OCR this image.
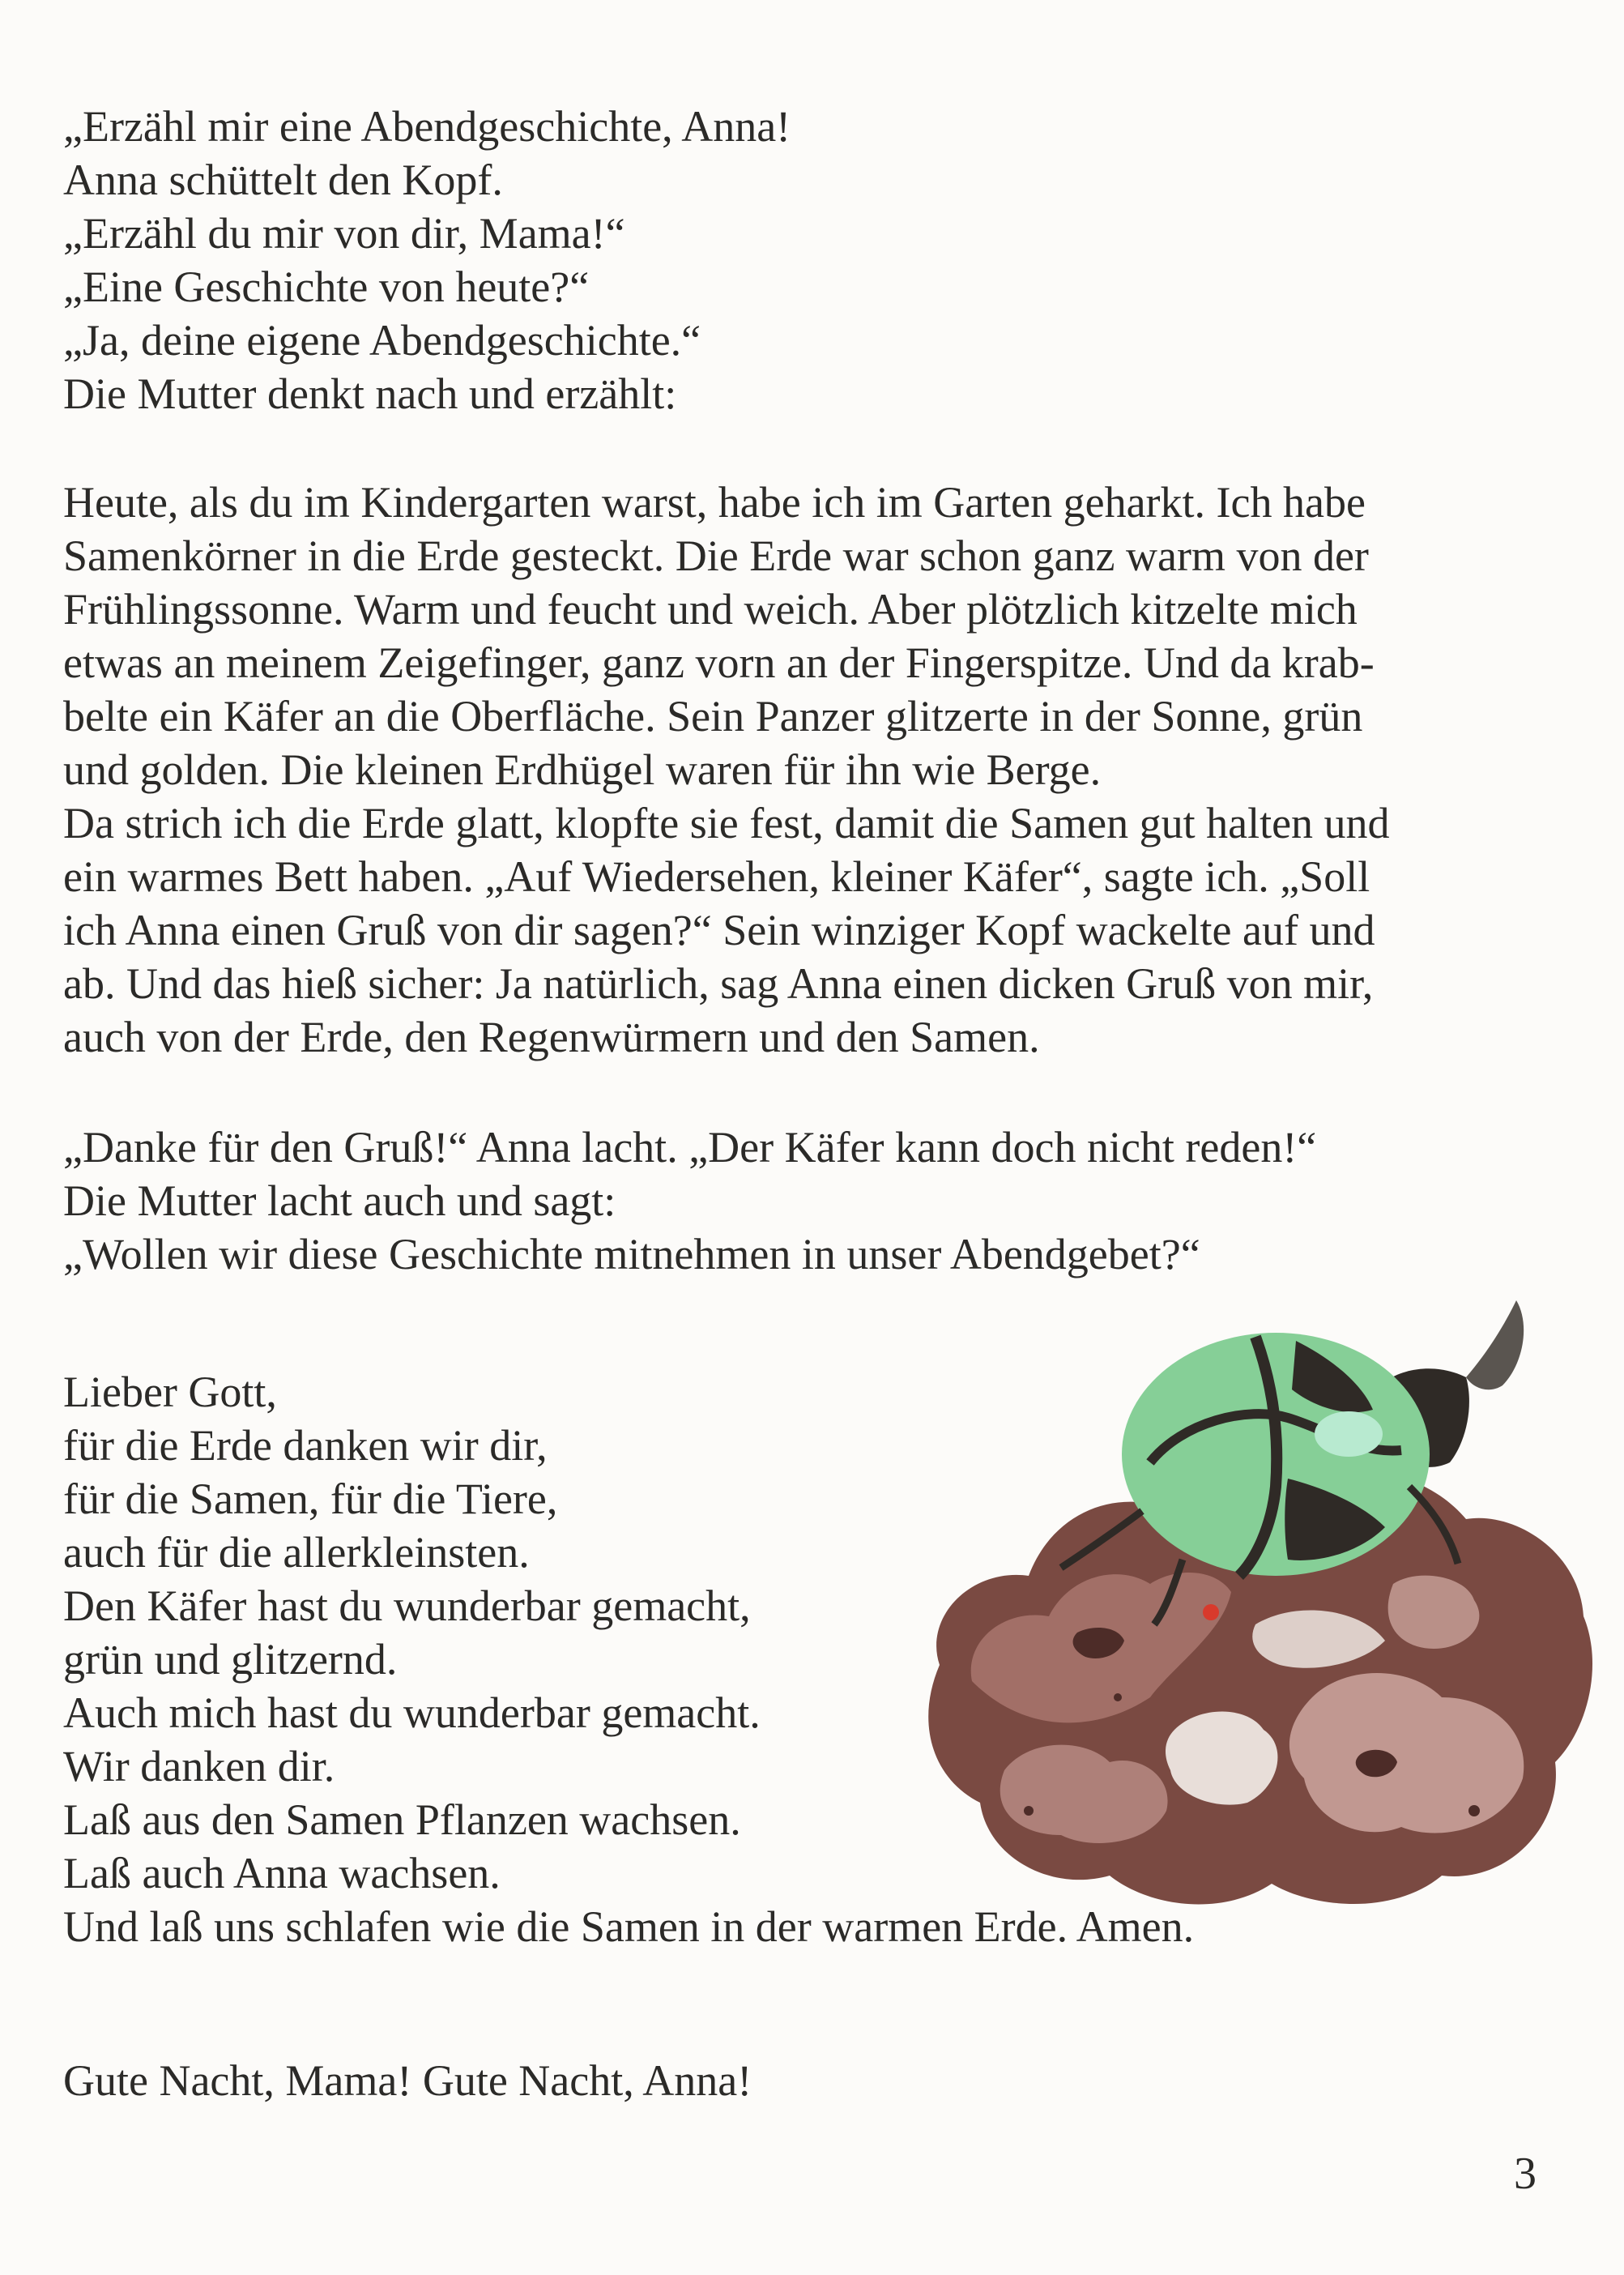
„Erzähl mir eine Abendgeschichte, Anna!
Anna schüttelt den Kopf.
„Erzähl du mir von dir, Mama!“
„Eine Geschichte von heute?“
„Ja, deine eigene Abendgeschichte.“
Die Mutter denkt nach und erzählt:
Heute, als du im Kindergarten warst, habe ich im Garten geharkt. Ich habe
Samenkörner in die Erde gesteckt. Die Erde war schon ganz warm von der
Frühlingssonne. Warm und feucht und weich. Aber plötzlich kitzelte mich
etwas an meinem Zeigefinger, ganz vorn an der Fingerspitze. Und da krab-
belte ein Käfer an die Oberfläche. Sein Panzer glitzerte in der Sonne, grün
und golden. Die kleinen Erdhügel waren für ihn wie Berge.
Da strich ich die Erde glatt, klopfte sie fest, damit die Samen gut halten und
ein warmes Bett haben. „Auf Wiedersehen, kleiner Käfer“, sagte ich. „Soll
ich Anna einen Gruß von dir sagen?“ Sein winziger Kopf wackelte auf und
ab. Und das hieß sicher: Ja natürlich, sag Anna einen dicken Gruß von mir,
auch von der Erde, den Regenwürmern und den Samen.
„Danke für den Gruß!“ Anna lacht. „Der Käfer kann doch nicht reden!“
Die Mutter lacht auch und sagt:
„Wollen wir diese Geschichte mitnehmen in unser Abendgebet?“
Lieber Gott,
für die Erde danken wir dir,
für die Samen, für die Tiere,
auch für die allerkleinsten.
Den Käfer hast du wunderbar gemacht,
grün und glitzernd.
Auch mich hast du wunderbar gemacht.
Wir danken dir.
Laß aus den Samen Pflanzen wachsen.
Laß auch Anna wachsen.
Und laß uns schlafen wie die Samen in der warmen Erde. Amen.
Gute Nacht, Mama! Gute Nacht, Anna!
3
